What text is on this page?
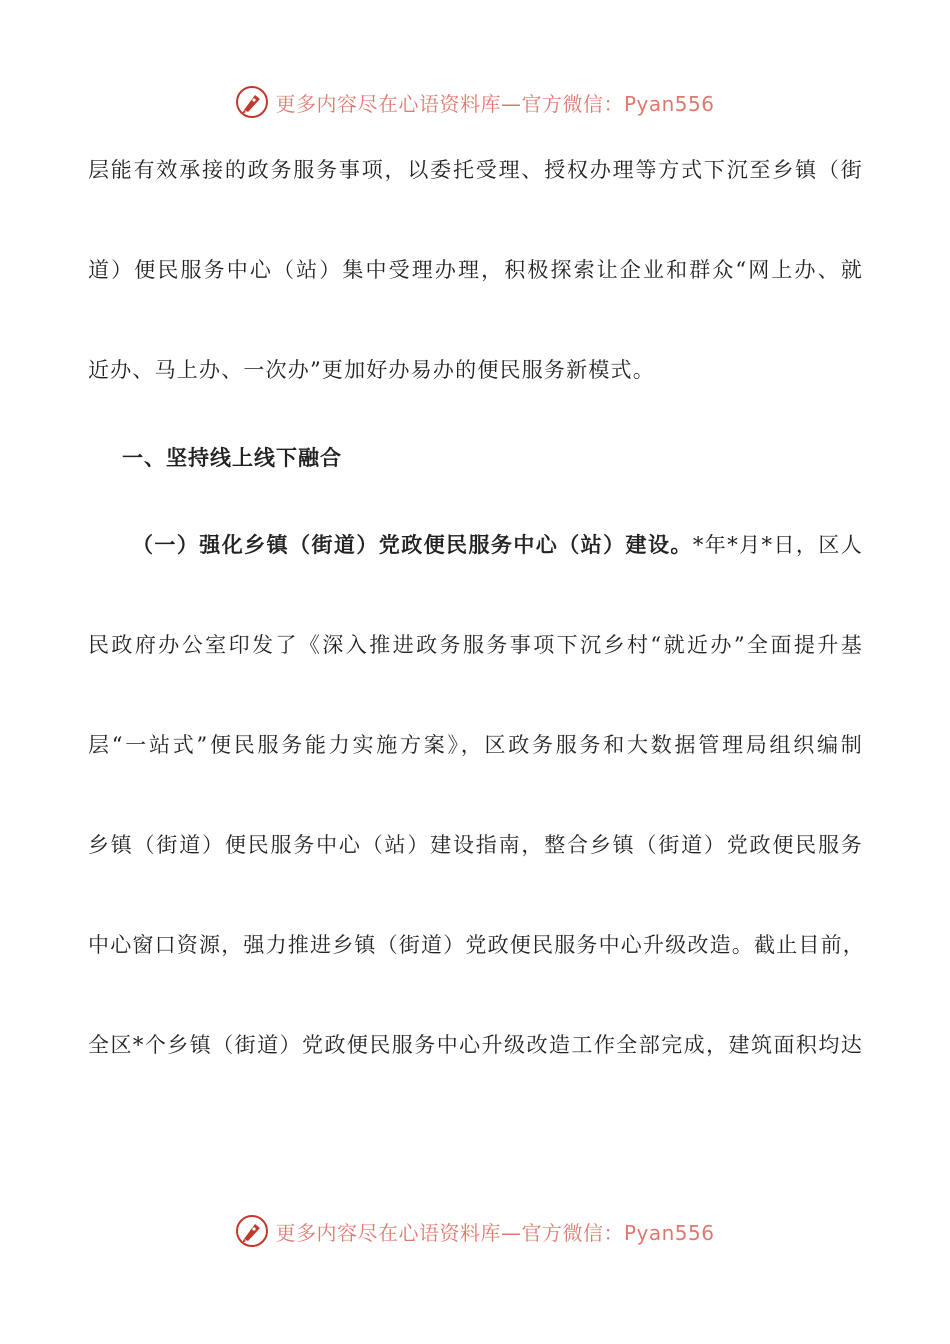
更多内容尽在心语资料库—官方微信：Pyan556
层能有效承接的政务服务事项，以委托受理、授权办理等方式下沉至乡镇（街
道）便民服务中心（站）集中受理办理，积极探索让企业和群众“网上办、就
近办、马上办、一次办”更加好办易办的便民服务新模式。
一、坚持线上线下融合
（一）强化乡镇（街道）党政便民服务中心（站）建设。*年*月*日，区人
民政府办公室印发了《深入推进政务服务事项下沉乡村“就近办”全面提升基
层“一站式”便民服务能力实施方案》，区政务服务和大数据管理局组织编制
乡镇（街道）便民服务中心（站）建设指南，整合乡镇（街道）党政便民服务
中心窗口资源，强力推进乡镇（街道）党政便民服务中心升级改造。截止目前，
全区*个乡镇（街道）党政便民服务中心升级改造工作全部完成，建筑面积均达
更多内容尽在心语资料库—官方微信：Pyan556
